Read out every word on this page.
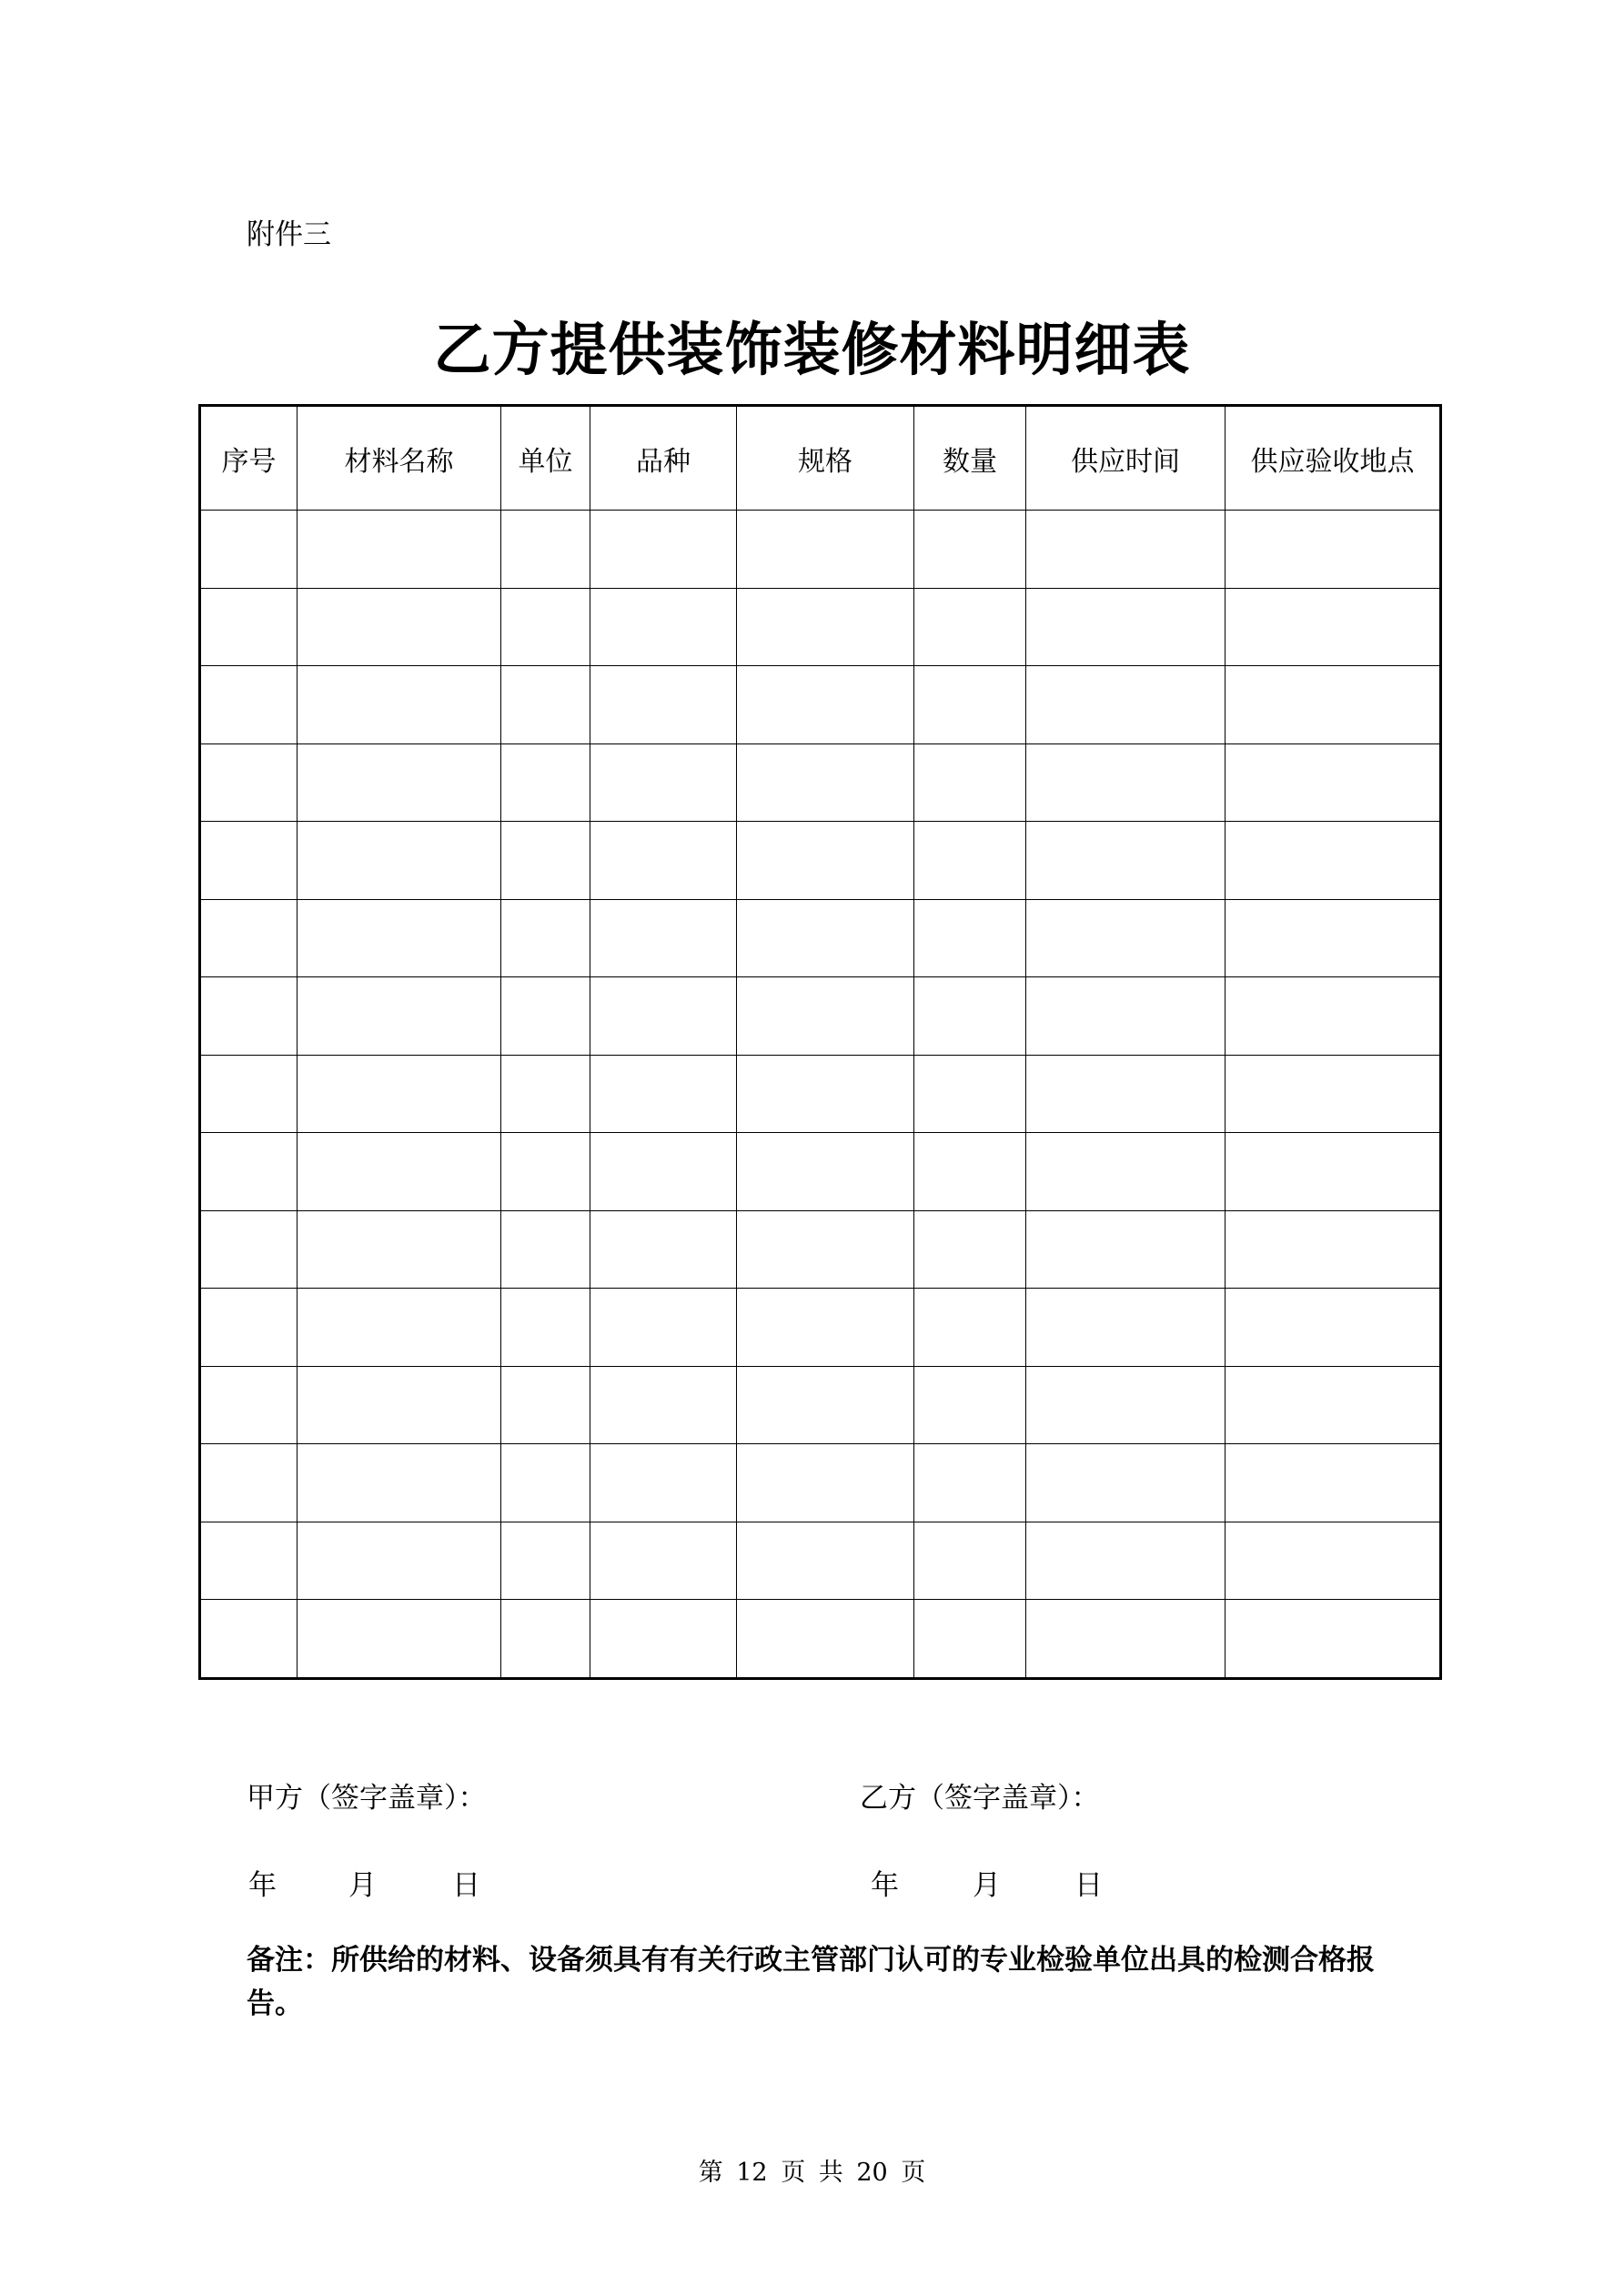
附件三
乙方提供装饰装修材料明细表
序号	材料名称	单位	品种	规格	数量	供应时间	供应验收地点

甲方（签字盖章）：	乙方（签字盖章）：
年	月	日	年	月	日
备注：所供给的材料、设备须具有有关行政主管部门认可的专业检验单位出具的检测合格报告。
第 12 页 共 20 页
